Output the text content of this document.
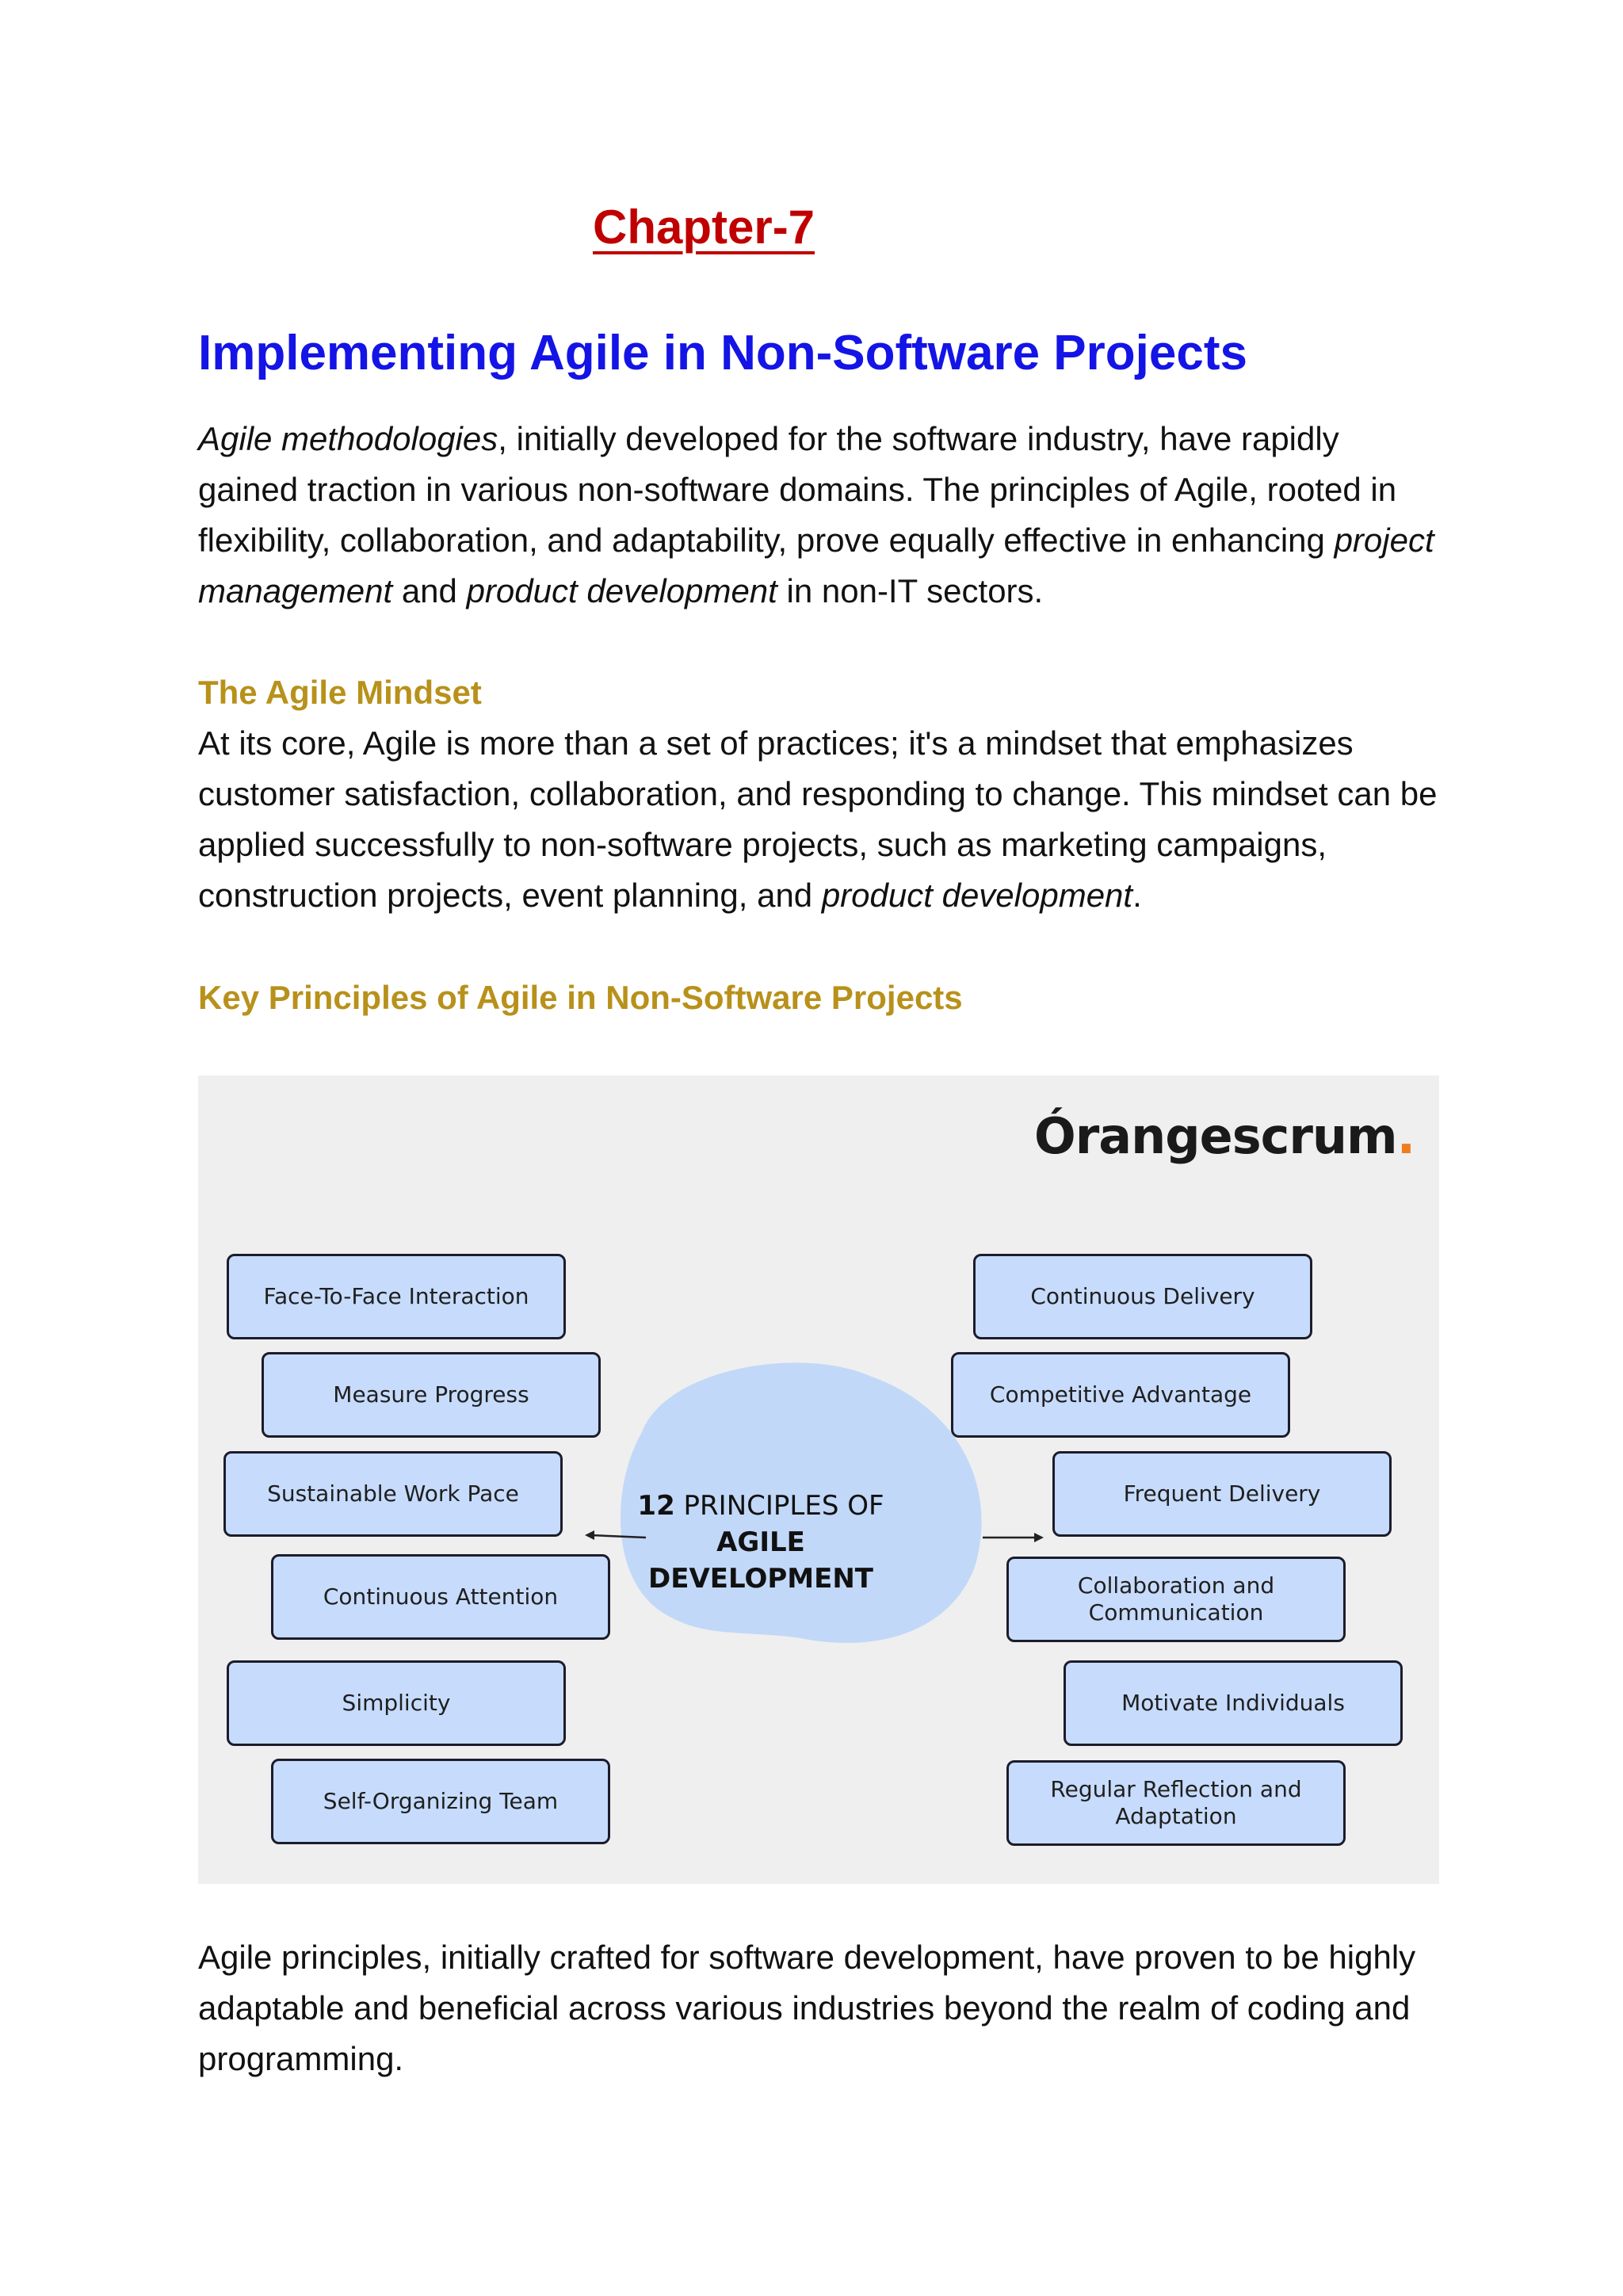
Chapter-7
Implementing Agile in Non-Software Projects

Agile methodologies, initially developed for the software industry, have rapidly gained traction in various non-software domains. The principles of Agile, rooted in flexibility, collaboration, and adaptability, prove equally effective in enhancing project management and product development in non-IT sectors.

The Agile Mindset

At its core, Agile is more than a set of practices; it's a mindset that emphasizes customer satisfaction, collaboration, and responding to change. This mindset can be applied successfully to non-software projects, such as marketing campaigns, construction projects, event planning, and product development.

Key Principles of Agile in Non-Software Projects
Órangescrum.
12 PRINCIPLES OF
AGILE
DEVELOPMENT
Face-To-Face Interaction
Measure Progress
Sustainable Work Pace
Continuous Attention
Simplicity
Self-Organizing Team
Continuous Delivery
Competitive Advantage
Frequent Delivery
Collaboration and Communication
Motivate Individuals
Regular Reflection and Adaptation

Agile principles, initially crafted for software development, have proven to be highly adaptable and beneficial across various industries beyond the realm of coding and programming.
